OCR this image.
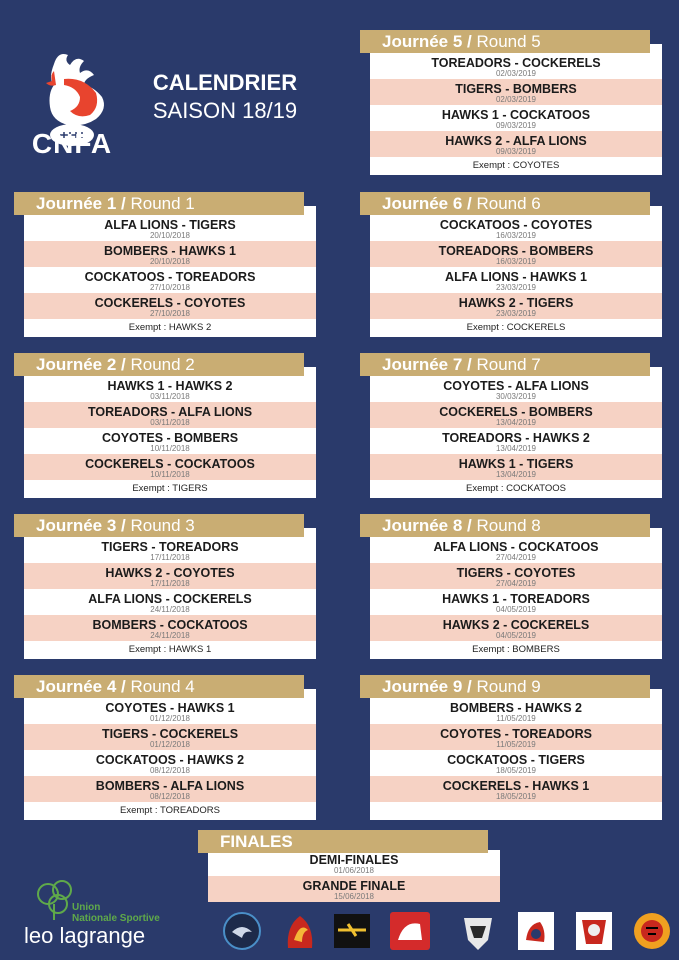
CNFA
CALENDRIER
SAISON 18/19
ALFA LIONS - TIGERS
20/10/2018
BOMBERS - HAWKS 1
20/10/2018
COCKATOOS - TOREADORS
27/10/2018
COCKERELS - COYOTES
27/10/2018
Exempt : HAWKS 2
Journée 1 / Round 1
HAWKS 1 - HAWKS 2
03/11/2018
TOREADORS - ALFA LIONS
03/11/2018
COYOTES - BOMBERS
10/11/2018
COCKERELS - COCKATOOS
10/11/2018
Exempt : TIGERS
Journée 2 / Round 2
TIGERS - TOREADORS
17/11/2018
HAWKS 2 - COYOTES
17/11/2018
ALFA LIONS - COCKERELS
24/11/2018
BOMBERS - COCKATOOS
24/11/2018
Exempt : HAWKS 1
Journée 3 / Round 3
COYOTES - HAWKS 1
01/12/2018
TIGERS - COCKERELS
01/12/2018
COCKATOOS - HAWKS 2
08/12/2018
BOMBERS - ALFA LIONS
08/12/2018
Exempt : TOREADORS
Journée 4 / Round 4
TOREADORS - COCKERELS
02/03/2019
TIGERS - BOMBERS
02/03/2019
HAWKS 1 - COCKATOOS
09/03/2019
HAWKS 2 - ALFA LIONS
09/03/2019
Exempt : COYOTES
Journée 5 / Round 5
COCKATOOS - COYOTES
16/03/2019
TOREADORS - BOMBERS
16/03/2019
ALFA LIONS - HAWKS 1
23/03/2019
HAWKS 2 - TIGERS
23/03/2019
Exempt : COCKERELS
Journée 6 / Round 6
COYOTES - ALFA LIONS
30/03/2019
COCKERELS - BOMBERS
13/04/2019
TOREADORS - HAWKS 2
13/04/2019
HAWKS 1 - TIGERS
13/04/2019
Exempt : COCKATOOS
Journée 7 / Round 7
ALFA LIONS - COCKATOOS
27/04/2019
TIGERS - COYOTES
27/04/2019
HAWKS 1 - TOREADORS
04/05/2019
HAWKS 2 - COCKERELS
04/05/2019
Exempt : BOMBERS
Journée 8 / Round 8
BOMBERS - HAWKS 2
11/05/2019
COYOTES - TOREADORS
11/05/2019
COCKATOOS - TIGERS
18/05/2019
COCKERELS - HAWKS 1
18/05/2019
Journée 9 / Round 9
DEMI-FINALES
01/06/2018
GRANDE FINALE
15/06/2018
FINALES
Union
Nationale Sportive
leo lagrange
